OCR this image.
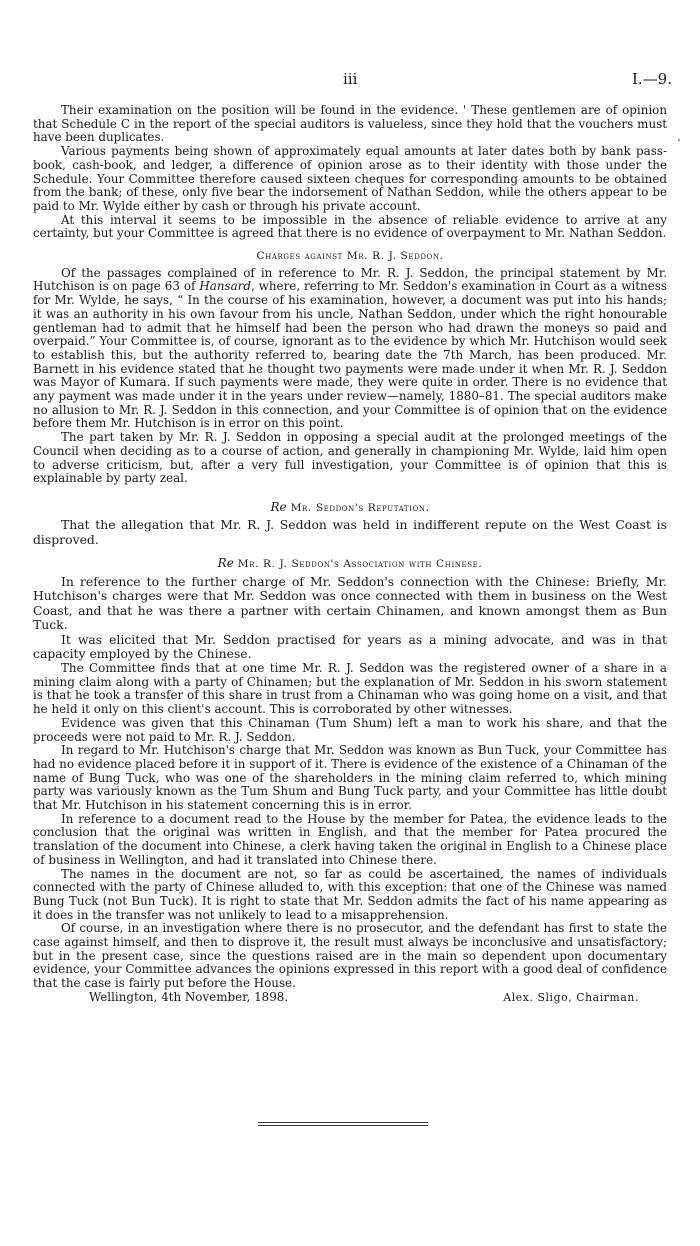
iii	I.—9.
.

Their examination on the position will be found in the evidence. ' These gentlemen are of opinion that Schedule C in the report of the special auditors is valueless, since they hold that the vouchers must have been duplicates.

Various payments being shown of approximately equal amounts at later dates both by bank pass-book, cash-book, and ledger, a difference of opinion arose as to their identity with those under the Schedule. Your Committee therefore caused sixteen cheques for corresponding amounts to be obtained from the bank; of these, only five bear the indorsement of Nathan Seddon, while the others appear to be paid to Mr. Wylde either by cash or through his private account.

At this interval it seems to be impossible in the absence of reliable evidence to arrive at any certainty, but your Committee is agreed that there is no evidence of overpayment to Mr. Nathan Seddon.

Charges against Mr. R. J. Seddon.

Of the passages complained of in reference to Mr. R. J. Seddon, the principal statement by Mr. Hutchison is on page 63 of Hansard, where, referring to Mr. Seddon's examination in Court as a witness for Mr. Wylde, he says, “ In the course of his examination, however, a document was put into his hands; it was an authority in his own favour from his uncle, Nathan Seddon, under which the right honourable gentleman had to admit that he himself had been the person who had drawn the moneys so paid and overpaid.” Your Committee is, of course, ignorant as to the evidence by which Mr. Hutchison would seek to establish this, but the authority referred to, bearing date the 7th March, has been produced. Mr. Barnett in his evidence stated that he thought two payments were made under it when Mr. R. J. Seddon was Mayor of Kumara. If such payments were made, they were quite in order. There is no evidence that any payment was made under it in the years under review—namely, 1880–81. The special auditors make no allusion to Mr. R. J. Seddon in this connection, and your Committee is of opinion that on the evidence before them Mr. Hutchison is in error on this point.

The part taken by Mr. R. J. Seddon in opposing a special audit at the prolonged meetings of the Council when deciding as to a course of action, and generally in championing Mr. Wylde, laid him open to adverse criticism, but, after a very full investigation, your Committee is of opinion that this is explainable by party zeal.

Re Mr. Seddon's Reputation.

That the allegation that Mr. R. J. Seddon was held in indifferent repute on the West Coast is disproved.

Re Mr. R. J. Seddon's Association with Chinese.

In reference to the further charge of Mr. Seddon's connection with the Chinese: Briefly, Mr. Hutchison's charges were that Mr. Seddon was once connected with them in business on the West Coast, and that he was there a partner with certain Chinamen, and known amongst them as Bun Tuck.

It was elicited that Mr. Seddon practised for years as a mining advocate, and was in that capacity employed by the Chinese.

The Committee finds that at one time Mr. R. J. Seddon was the registered owner of a share in a mining claim along with a party of Chinamen; but the explanation of Mr. Seddon in his sworn statement is that he took a transfer of this share in trust from a Chinaman who was going home on a visit, and that he held it only on this client's account. This is corroborated by other witnesses.

Evidence was given that this Chinaman (Tum Shum) left a man to work his share, and that the proceeds were not paid to Mr. R. J. Seddon.

In regard to Mr. Hutchison's charge that Mr. Seddon was known as Bun Tuck, your Committee has had no evidence placed before it in support of it. There is evidence of the existence of a Chinaman of the name of Bung Tuck, who was one of the shareholders in the mining claim referred to, which mining party was variously known as the Tum Shum and Bung Tuck party, and your Committee has little doubt that Mr. Hutchison in his statement concerning this is in error.

In reference to a document read to the House by the member for Patea, the evidence leads to the conclusion that the original was written in English, and that the member for Patea procured the translation of the document into Chinese, a clerk having taken the original in English to a Chinese place of business in Wellington, and had it translated into Chinese there.

The names in the document are not, so far as could be ascertained, the names of individuals connected with the party of Chinese alluded to, with this exception: that one of the Chinese was named Bung Tuck (not Bun Tuck). It is right to state that Mr. Seddon admits the fact of his name appearing as it does in the transfer was not unlikely to lead to a misapprehension.

Of course, in an investigation where there is no prosecutor, and the defendant has first to state the case against himself, and then to disprove it, the result must always be inconclusive and unsatisfactory; but in the present case, since the questions raised are in the main so dependent upon documentary evidence, your Committee advances the opinions expressed in this report with a good deal of confidence that the case is fairly put before the House.

Wellington, 4th November, 1898.	Alex. Sligo, Chairman.
